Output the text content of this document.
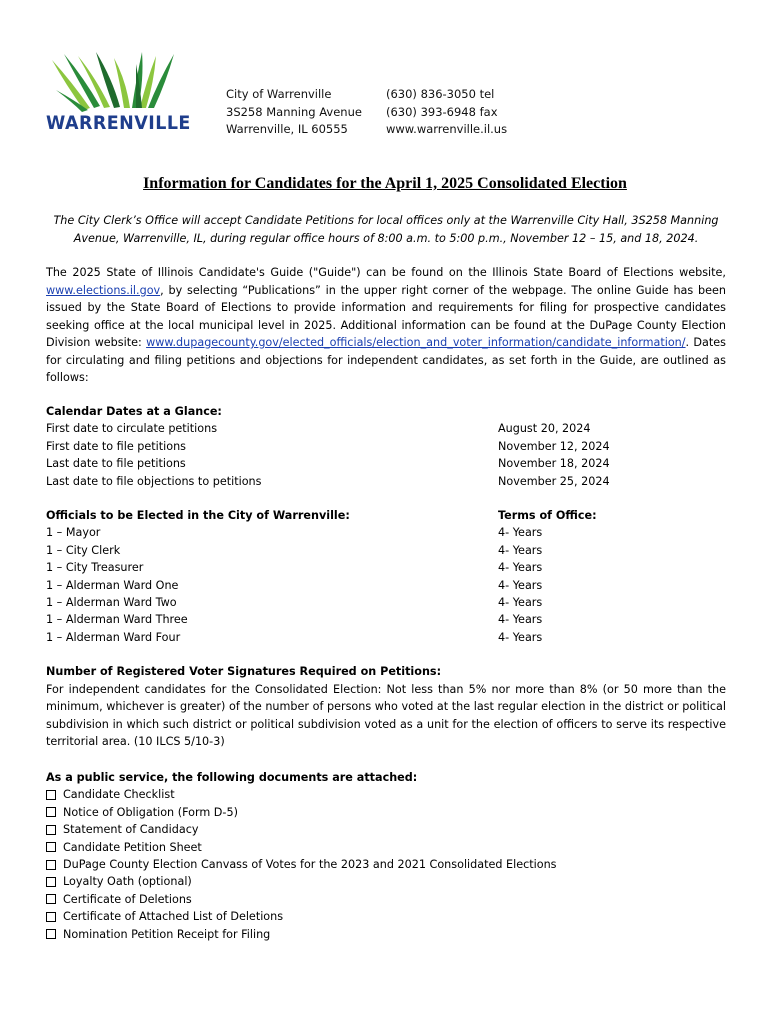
WARRENVILLE
City of Warrenville
3S258 Manning Avenue
Warrenville, IL 60555
(630) 836-3050 tel
(630) 393-6948 fax
www.warrenville.il.us
Information for Candidates for the April 1, 2025 Consolidated Election
The City Clerk’s Office will accept Candidate Petitions for local offices only at the Warrenville City Hall, 3S258 Manning Avenue, Warrenville, IL, during regular office hours of 8:00 a.m. to 5:00 p.m., November 12 – 15, and 18, 2024.
The 2025 State of Illinois Candidate's Guide ("Guide") can be found on the Illinois State Board of Elections website, www.elections.il.gov, by selecting “Publications” in the upper right corner of the webpage. The online Guide has been issued by the State Board of Elections to provide information and requirements for filing for prospective candidates seeking office at the local municipal level in 2025. Additional information can be found at the DuPage County Election Division website: www.dupagecounty.gov/elected_officials/election_and_voter_information/candidate_information/. Dates for circulating and filing petitions and objections for independent candidates, as set forth in the Guide, are outlined as follows:
Calendar Dates at a Glance:
First date to circulate petitions	August 20, 2024
First date to file petitions	November 12, 2024
Last date to file petitions	November 18, 2024
Last date to file objections to petitions	November 25, 2024
Officials to be Elected in the City of Warrenville:	Terms of Office:
1 – Mayor	4- Years
1 – City Clerk	4- Years
1 – City Treasurer	4- Years
1 – Alderman Ward One	4- Years
1 – Alderman Ward Two	4- Years
1 – Alderman Ward Three	4- Years
1 – Alderman Ward Four	4- Years
Number of Registered Voter Signatures Required on Petitions:
For independent candidates for the Consolidated Election: Not less than 5% nor more than 8% (or 50 more than the minimum, whichever is greater) of the number of persons who voted at the last regular election in the district or political subdivision in which such district or political subdivision voted as a unit for the election of officers to serve its respective territorial area. (10 ILCS 5/10-3)
As a public service, the following documents are attached:
Candidate Checklist
Notice of Obligation (Form D-5)
Statement of Candidacy
Candidate Petition Sheet
DuPage County Election Canvass of Votes for the 2023 and 2021 Consolidated Elections
Loyalty Oath (optional)
Certificate of Deletions
Certificate of Attached List of Deletions
Nomination Petition Receipt for Filing
